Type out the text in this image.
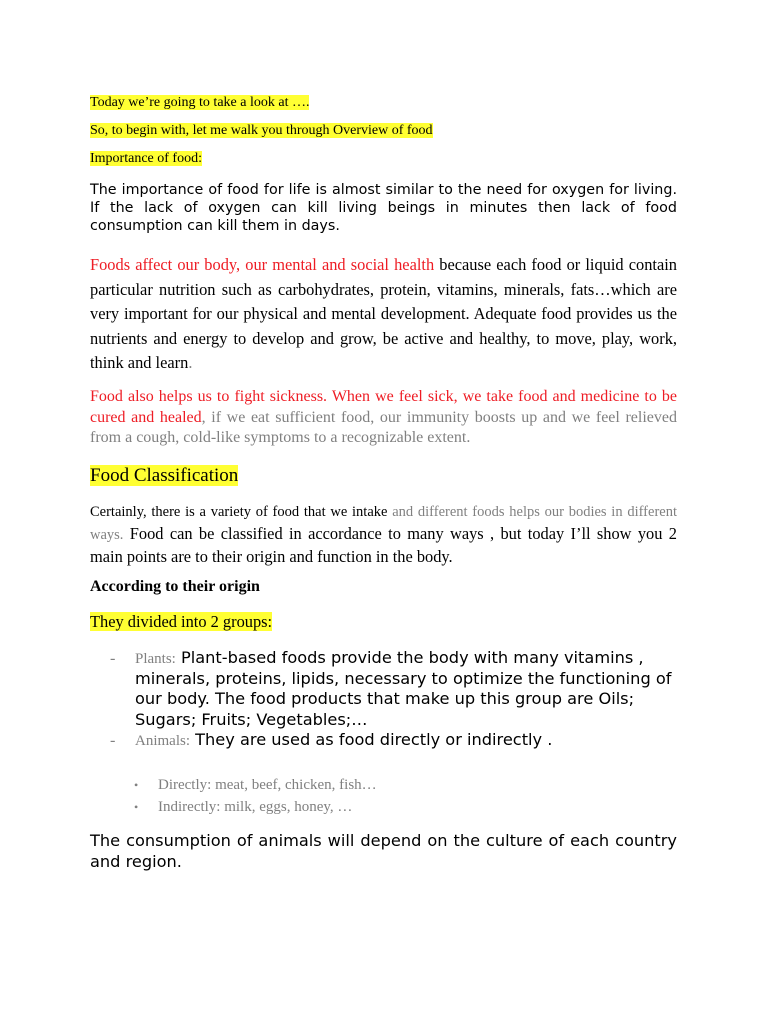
Today we’re going to take a look at ….

So, to begin with, let me walk you through Overview of food

Importance of food:

The importance of food for life is almost similar to the need for oxygen for living. If the lack of oxygen can kill living beings in minutes then lack of food consumption can kill them in days.

Foods affect our body, our mental and social health because each food or liquid contain particular nutrition such as carbohydrates, protein, vitamins, minerals, fats…which are very important for our physical and mental development. Adequate food provides us the nutrients and energy to develop and grow, be active and healthy, to move, play, work, think and learn.

Food also helps us to fight sickness. When we feel sick, we take food and medicine to be cured and healed, if we eat sufficient food, our immunity boosts up and we feel relieved from a cough, cold-like symptoms to a recognizable extent.

Food Classification

Certainly, there is a variety of food that we intake and different foods helps our bodies in different ways. Food can be classified in accordance to many ways , but today I’ll show you 2 main points are to their origin and function in the body.

According to their origin

They divided into 2 groups:

- Plants: Plant-based foods provide the body with many vitamins , minerals, proteins, lipids, necessary to optimize the functioning of our body. The food products that make up this group are Oils; Sugars; Fruits; Vegetables;…
- Animals: They are used as food directly or indirectly .
• Directly: meat, beef, chicken, fish…
• Indirectly: milk, eggs, honey, …

The consumption of animals will depend on the culture of each country and region.
